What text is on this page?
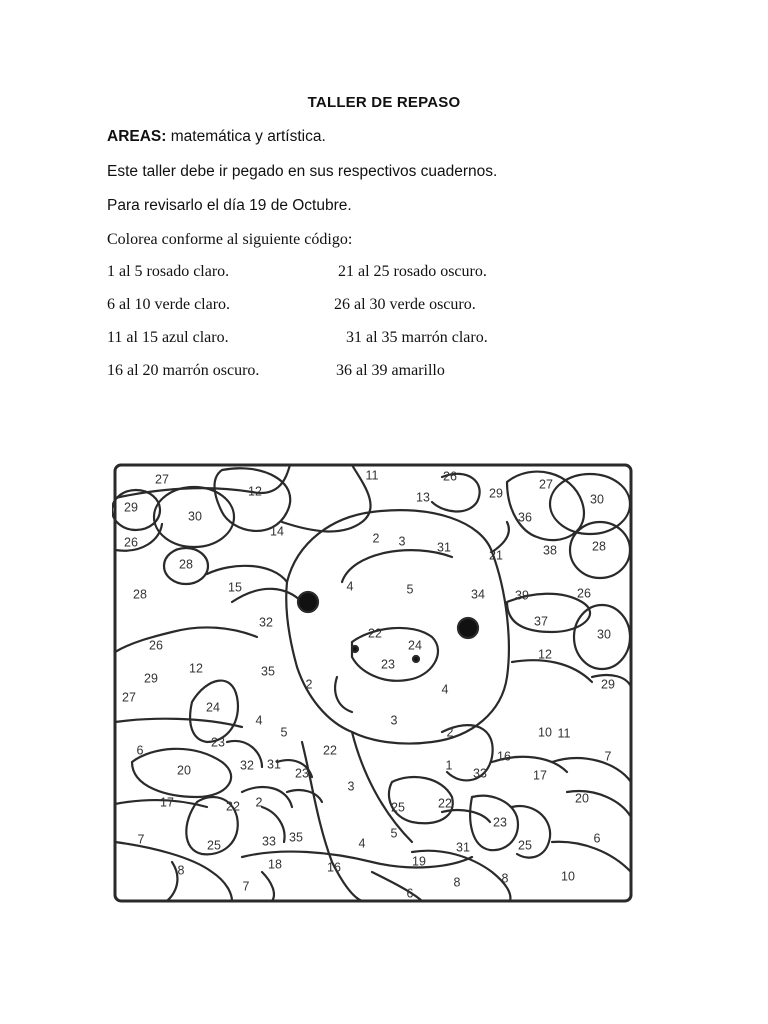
TALLER DE REPASO
AREAS: matemática y artística.
Este taller debe ir pegado en sus respectivos cuadernos.
Para revisarlo el día 19 de Octubre.
Colorea conforme al siguiente código:
1 al 5 rosado claro.	21 al 25 rosado oscuro.
6 al 10 verde claro.	26 al 30 verde oscuro.
11 al 15 azul claro.	31 al 35 marrón claro.
16 al 20 marrón oscuro.	36 al 39 amarillo
27
12
11	26
29
27
30
29
30
13
36
14	2 3	31
21	38	28
26
28
4	5	34 39	26
15
28
32
22
24
37
30
26
12
12
29	35
2
23
4
27
24
4
11
29
23
3
5	2	10
6	22	16	7
20	32 31
23
1
33	17
3
20
17	22 2	25	22
23
7	25	33 35	4
5
31	25
8	18	16	19
8
7	6
8
6
10
